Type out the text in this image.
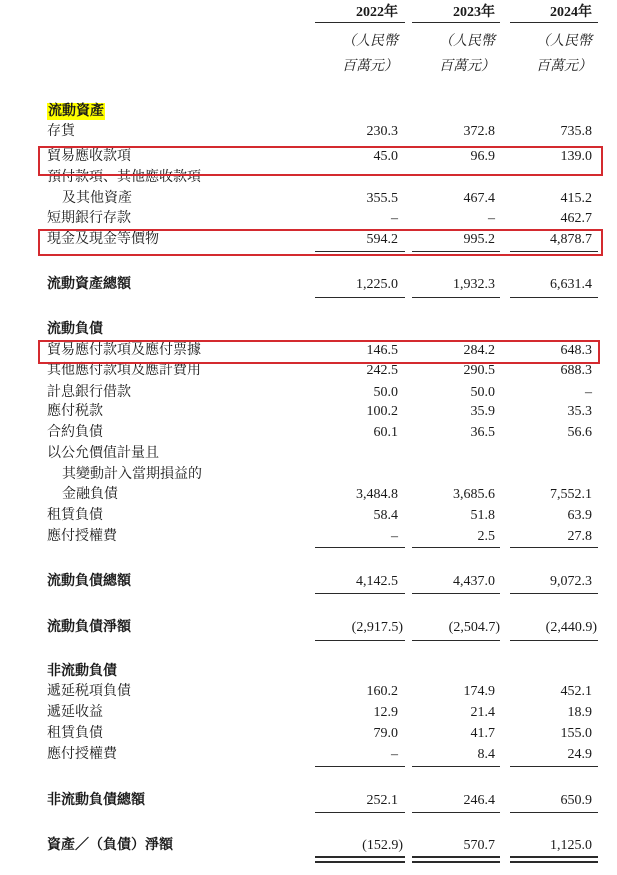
2022年	2023年	2024年
（人民幣	（人民幣	（人民幣
百萬元）	百萬元）	百萬元）
流動資產
存貨	230.3	372.8	735.8
貿易應收款項	45.0	96.9	139.0
預付款項、其他應收款項
及其他資產	355.5	467.4	415.2
短期銀行存款	–	–	462.7
現金及現金等價物	594.2	995.2	4,878.7
流動資產總額	1,225.0	1,932.3	6,631.4
流動負債
貿易應付款項及應付票據	146.5	284.2	648.3
其他應付款項及應計費用	242.5	290.5	688.3
計息銀行借款	50.0	50.0	–
應付税款	100.2	35.9	35.3
合約負債	60.1	36.5	56.6
以公允價值計量且
其變動計入當期損益的
金融負債	3,484.8	3,685.6	7,552.1
租賃負債	58.4	51.8	63.9
應付授權費	–	2.5	27.8
流動負債總額	4,142.5	4,437.0	9,072.3
流動負債淨額	(2,917.5)	(2,504.7)	(2,440.9)
非流動負債
遞延税項負債	160.2	174.9	452.1
遞延收益	12.9	21.4	18.9
租賃負債	79.0	41.7	155.0
應付授權費	–	8.4	24.9
非流動負債總額	252.1	246.4	650.9
資產／（負債）淨額	(152.9)	570.7	1,125.0
